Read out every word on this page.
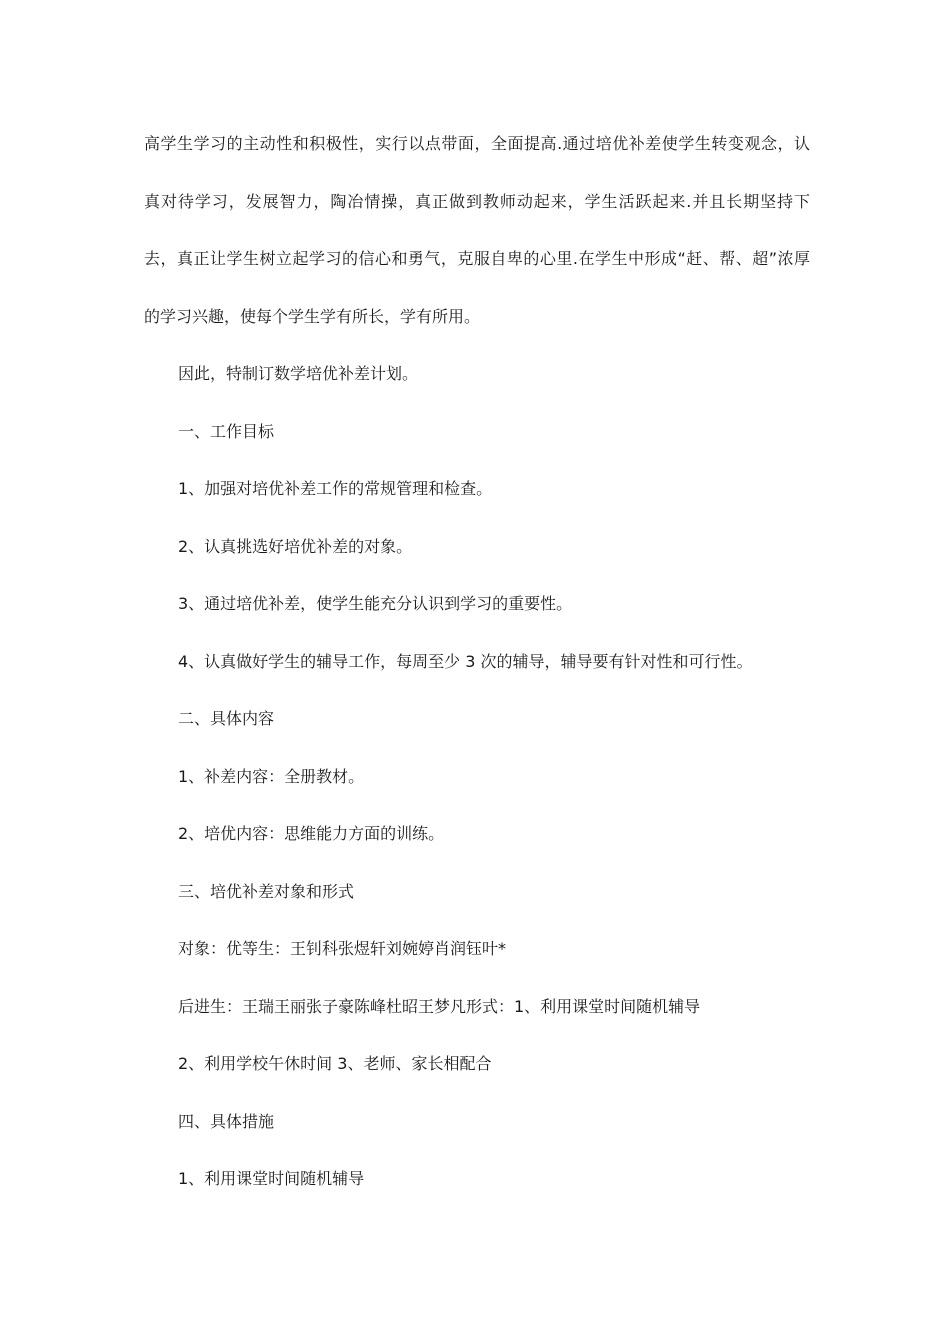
高学生学习的主动性和积极性，实行以点带面，全面提高.通过培优补差使学生转变观念，认
真对待学习，发展智力，陶冶情操，真正做到教师动起来，学生活跃起来.并且长期坚持下
去，真正让学生树立起学习的信心和勇气，克服自卑的心里.在学生中形成“赶、帮、超”浓厚
的学习兴趣，使每个学生学有所长，学有所用。
因此，特制订数学培优补差计划。
一、工作目标
1、加强对培优补差工作的常规管理和检查。
2、认真挑选好培优补差的对象。
3、通过培优补差，使学生能充分认识到学习的重要性。
4、认真做好学生的辅导工作，每周至少 3 次的辅导，辅导要有针对性和可行性。
二、具体内容
1、补差内容：全册教材。
2、培优内容：思维能力方面的训练。
三、培优补差对象和形式
对象：优等生：王钊科张煜轩刘婉婷肖润钰叶*
后进生：王瑞王丽张子豪陈峰杜昭王梦凡形式：1、利用课堂时间随机辅导
2、利用学校午休时间 3、老师、家长相配合
四、具体措施
1、利用课堂时间随机辅导
